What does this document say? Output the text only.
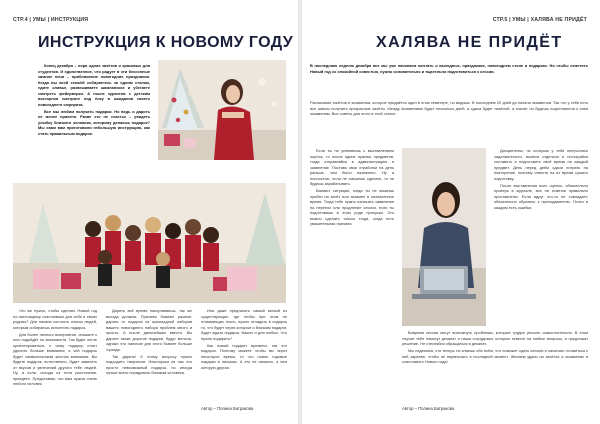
СТР.4 | УМЫ | ИНСТРУКЦИЯ
ИНСТРУКЦИЯ К НОВОМУ ГОДУ

Конец декабря – пора одних зачётов и красивых для студентов. И единственное, что радует в эти бессонные зимние ночи – приближение новогодних праздников. Когда вы всей семьёй собираетесь за одним столом, едите оливье, развешиваете шампанское и убегаете смотреть фейерверки. А после курантов с детским восторгом смотрите под ёлку в ожидании своего новогоднего сюрприза.

Все мы любим получать подарки. Но ведь и дарить не менее приятно. Разве это не счастье – увидеть улыбку близкого человека, которому делаешь подарок? Мы сами вам приготовили небольшую инструкцию, как стать правильным подарок.

Что же нужно, чтобы сделать Новый год по-настоящему счастливым для себя и своих родных? Для начала состоять список людей, которым собираешь исполнить подарок.

Для более личного восприятия, опишите к кого подойдёт по значимости. Так будет легче ориентироваться, к чему подарку стоит уделить больше внимания, а чей подарок будет символическим жестом внимания. Вы будете подарок, естественно, будет зависеть от вкусов и увлечений другого тебе людей. Ну, а если, исходя из тела расстояния, приедете. Представим, что вам нужна очень любого человек.

Дарить всё время наскучиваешь, так же выгода должны. Причины бывают разные: дарить то подарок из шоколадной наборов вашего новогоднего набора проблем много и просто. А после дальнейших ввести. Вы дарите также дорогие подарки, будут мелочи, однако что наличие для этого бывает больше гораздо.

Так дарить! К этому вопросу нужно подходить творчески. Некоторым из нас это просто невозможный подарок, но иногда лучше всего порадовать близким человека.

Или даже предлагать самый милый из существующих, где чтобы при этом не отзывающих точно, нужно отладить в подарок то, что будет через которые и близким подарят, будет ждать подарок. Важно и для любых. Что нужно подарить?

Как новый подарит времени, так это подарок. Поэтому можете чтобы вы через некоторое время, то что новое годовые подарки в письмах. А это не связано, а чем которую другая.

Автор – Полина Батракова
СТР.5 | УМЫ | ХАЛЯВА НЕ ПРИДЁТ
ХАЛЯВА НЕ ПРИДЁТ
В последнюю неделю декабря все мы уже начинаем мечтать о выходных, праздниках, новогоднем столе и подарках. Но чтобы отметить Новый год со спокойной совестью, нужно основательно и тщательно подготовиться к сессии.
Расписание зачётов и экзаменов, которое придаётся один в этом семестре, ты видишь. В последнем 20 дней до начала экзаменов. Так что у тебя есть все шансы получить прекрасные зачёты. Между экзаменами будет несколько дней, а сдача будет тяжёлой, а значит ты будешь подготовлена к этим экзаменам. Все советы для этого в этой статье.

Если ты не успеваешь с выставлением оценок, то после одних нужных предметов, тогда отправляйся в администрацию и заявление. Поставь свои отработки на день раньше, чем было назначено. Ну а полностью, если не сможешь сделать, то не будешь зарабатывать.

Бывают ситуации, когда ты не можешь прийти на зачёт или экзамен в назначенное время. Тогда тебе нужно написать заявление на перенос или продление сессии, если ты подготовишь в этом роде пропуски. Это можно сделать только тогда, когда есть уважительная причина.

Дисциплины, по которым у тебя получились задолженности, вынеси отдельно и постарайся составить и подготовить своё время на каждый предмет. День перед днём сдачи потрать на повторение, поэтому отвести на их время сушить подготовку.

После выставления всех оценок, обязательно проверь в журнале, все ли отметки правильно проставлены. Если вдруг что-то не совпадает, обязательно обратись к преподавателю. Почти в каждом есть ошибки.

Вовремя сессии могут возникнуть проблемы, которые трудно решить самостоятельно. В этом случае тебе помогут деканат и наши сотрудники, которые ответят на любые вопросы, и предложат решение. Не стесняйся обращаться в деканат.

Мы надеемся, что теперь ты знаешь обо всём, что поможет сдать сессию и начинать готовиться к ней заранее, чтобы не нервничать в последний момент. Желаем удачи на зачётах и экзаменах и счастливого Нового года!

Автор – Полина Батракова
